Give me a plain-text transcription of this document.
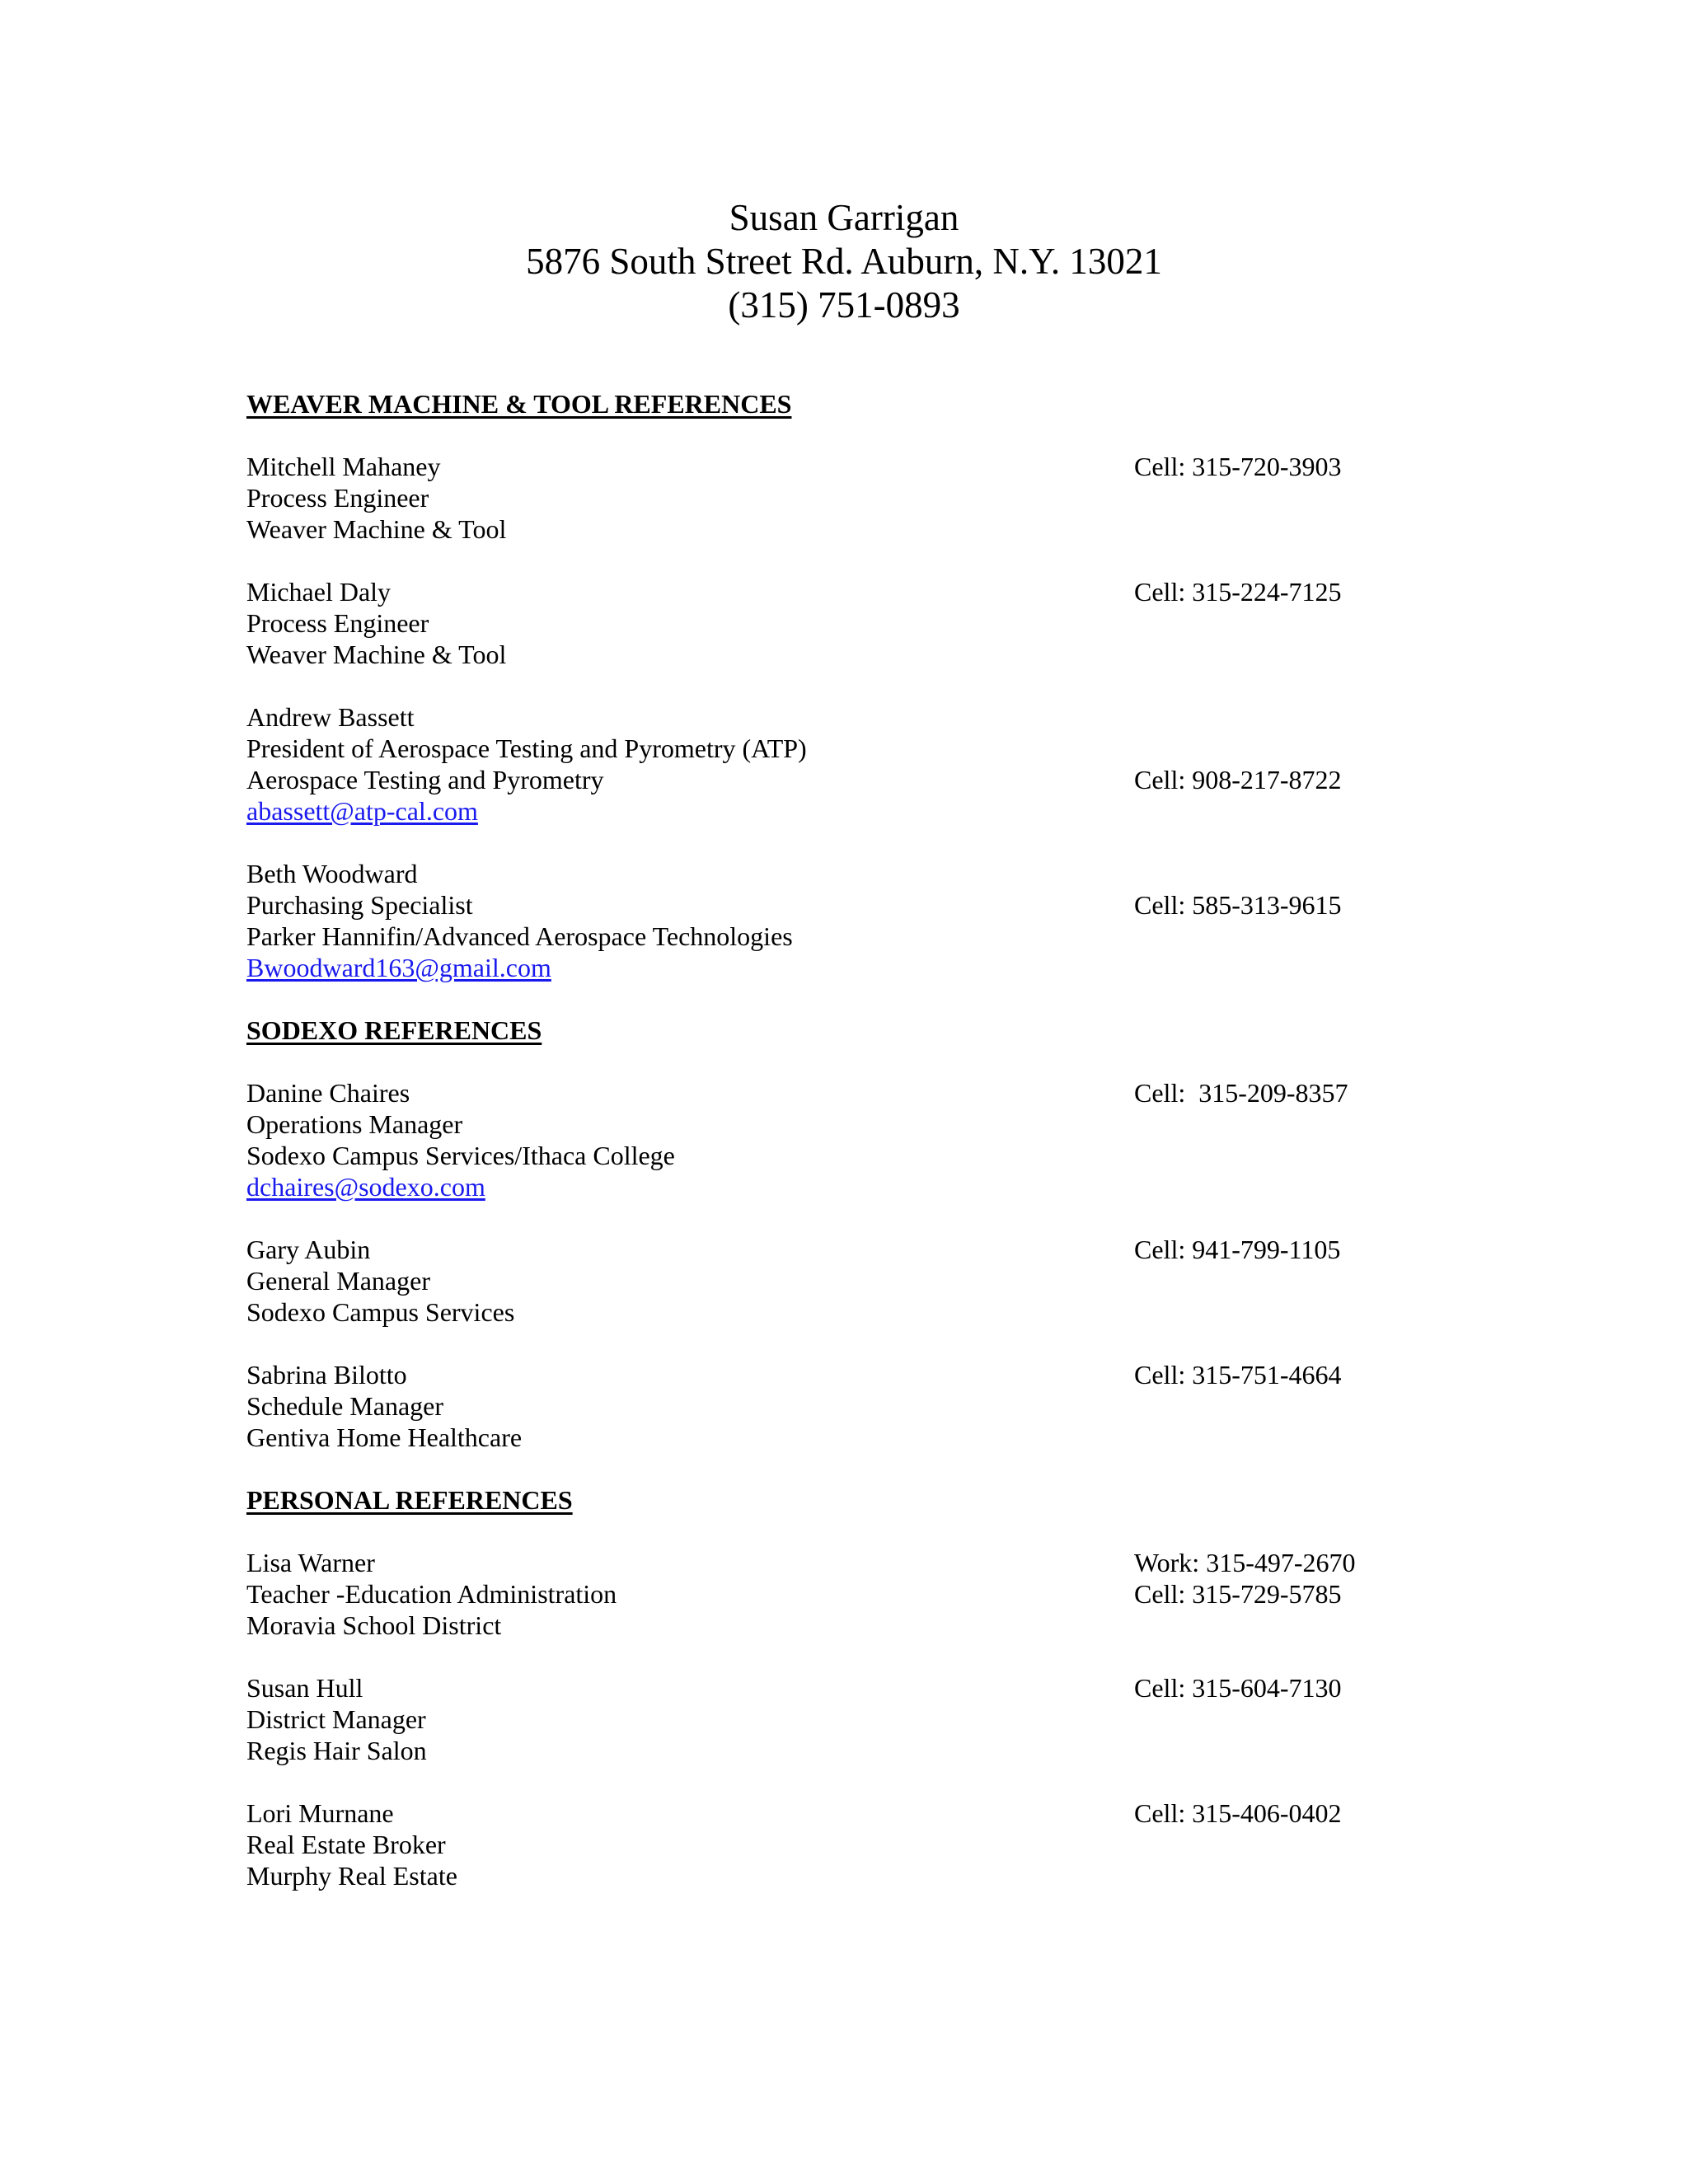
Susan Garrigan
5876 South Street Rd. Auburn, N.Y. 13021
(315) 751-0893
WEAVER MACHINE & TOOL REFERENCES
Mitchell Mahaney	Cell: 315-720-3903
Process Engineer
Weaver Machine & Tool
Michael Daly	Cell: 315-224-7125
Process Engineer
Weaver Machine & Tool
Andrew Bassett
President of Aerospace Testing and Pyrometry (ATP)
Aerospace Testing and Pyrometry	Cell: 908-217-8722
abassett@atp-cal.com
Beth Woodward
Purchasing Specialist	Cell: 585-313-9615
Parker Hannifin/Advanced Aerospace Technologies
Bwoodward163@gmail.com
SODEXO REFERENCES
Danine Chaires	Cell:  315-209-8357
Operations Manager
Sodexo Campus Services/Ithaca College
dchaires@sodexo.com
Gary Aubin	Cell: 941-799-1105
General Manager
Sodexo Campus Services
Sabrina Bilotto	Cell: 315-751-4664
Schedule Manager
Gentiva Home Healthcare
PERSONAL REFERENCES
Lisa Warner	Work: 315-497-2670
Teacher -Education Administration	Cell: 315-729-5785
Moravia School District
Susan Hull	Cell: 315-604-7130
District Manager
Regis Hair Salon
Lori Murnane	Cell: 315-406-0402
Real Estate Broker
Murphy Real Estate
